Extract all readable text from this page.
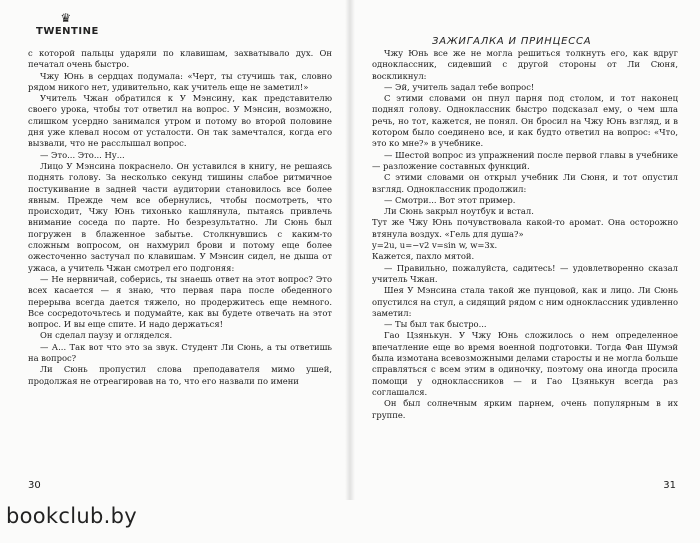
♛
TWENTINE

с которой пальцы ударяли по клавишам, захватывало дух. Он печатал очень быстро.

Чжу Юнь в сердцах подумала: «Черт, ты стучишь так, словно рядом никого нет, удивительно, как учитель еще не заметил!»

Учитель Чжан обратился к У Мэнсину, как представителю своего урока, чтобы тот ответил на вопрос. У Мэнсин, возможно, слишком усердно занимался утром и потому во второй половине дня уже клевал носом от усталости. Он так замечтался, когда его вызвали, что не расслышал вопрос.

— Это... Это... Ну...

Лицо У Мэнсина покраснело. Он уставился в книгу, не решаясь поднять голову. За несколько секунд тишины слабое ритмичное постукивание в задней части аудитории становилось все более явным. Прежде чем все обернулись, чтобы посмотреть, что происходит, Чжу Юнь тихонько кашлянула, пытаясь привлечь внимание соседа по парте. Но безрезультатно. Ли Сюнь был погружен в блаженное забытье. Столкнувшись с каким-то сложным вопросом, он нахмурил брови и потому еще более ожесточенно застучал по клавишам. У Мэнсин сидел, не дыша от ужаса, а учитель Чжан смотрел его подгоняя:

— Не нервничай, соберись, ты знаешь ответ на этот вопрос? Это всех касается — я знаю, что первая пара после обеденного перерыва всегда дается тяжело, но продержитесь еще немного. Все сосредоточьтесь и подумайте, как вы будете отвечать на этот вопрос. И вы еще спите. И надо держаться!

Он сделал паузу и огляделся.

— А... Так вот что это за звук. Студент Ли Сюнь, а ты ответишь на вопрос?

Ли Сюнь пропустил слова преподавателя мимо ушей, продолжая не отреагировав на то, что его назвали по имени

30
ЗАЖИГАЛКА И ПРИНЦЕССА

Чжу Юнь все же не могла решиться толкнуть его, как вдруг одноклассник, сидевший с другой стороны от Ли Сюня, воскликнул:

— Эй, учитель задал тебе вопрос!

С этими словами он пнул парня под столом, и тот наконец поднял голову. Одноклассник быстро подсказал ему, о чем шла речь, но тот, кажется, не понял. Он бросил на Чжу Юнь взгляд, и в котором было соединено все, и как будто ответил на вопрос: «Что, это ко мне?» в учебнике.

— Шестой вопрос из упражнений после первой главы в учебнике — разложение составных функций.

С этими словами он открыл учебник Ли Сюня, и тот опустил взгляд. Одноклассник продолжил:

— Смотри... Вот этот пример.

Ли Сюнь закрыл ноутбук и встал.

Тут же Чжу Юнь почувствовала какой-то аромат. Она осторожно втянула воздух. «Гель для душа?»

y=2u, u=−v2 v=sin w, w=3x.

Кажется, пахло мятой.

— Правильно, пожалуйста, садитесь! — удовлетворенно сказал учитель Чжан.

Шея У Мэнсина стала такой же пунцовой, как и лицо. Ли Сюнь опустился на стул, а сидящий рядом с ним одноклассник удивленно заметил:

— Ты был так быстро...

Гао Цзянькун. У Чжу Юнь сложилось о нем определенное впечатление еще во время военной подготовки. Тогда Фан Шумэй была измотана всевозможными делами старосты и не могла больше справляться с всем этим в одиночку, поэтому она иногда просила помощи у одноклассников — и Гао Цзянькун всегда раз соглашался.

Он был солнечным ярким парнем, очень популярным в их группе.

31
bookclub.by
